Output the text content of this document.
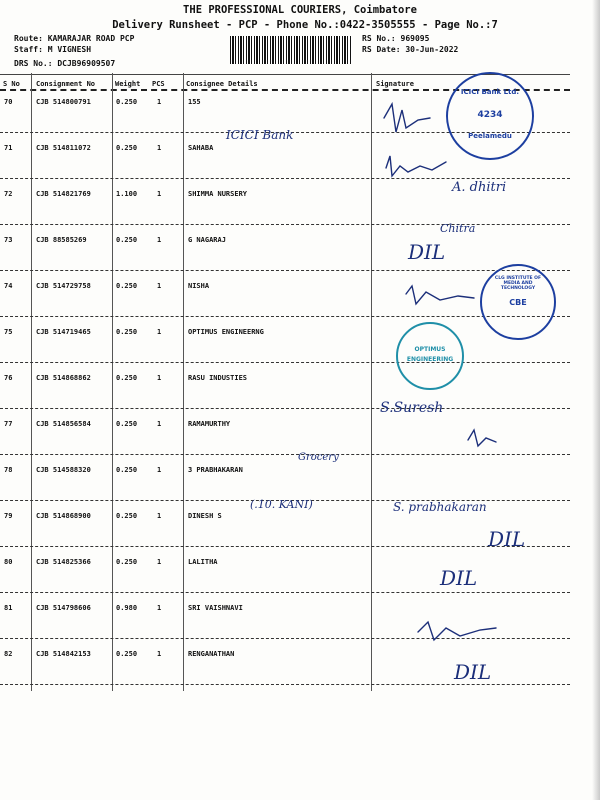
THE PROFESSIONAL COURIERS, Coimbatore
Delivery Runsheet - PCP - Phone No.:0422-3505555 - Page No.:7
Route: KAMARAJAR ROAD PCP
Staff: M VIGNESH
DRS No.: DCJB96909507
RS No.: 969095
RS Date: 30-Jun-2022
S No Consignment No	Weight PCS	Consignee Details	Signature
70	CJB 514800791	0.250	1	155
71	CJB 514811072	0.250	1	SAHABA
72	CJB 514821769	1.100	1	SHIMMA NURSERY
73	CJB 88585269	0.250	1	G NAGARAJ
74	CJB 514729758	0.250	1	NISHA
75	CJB 514719465	0.250	1	OPTIMUS ENGINEERNG
76	CJB 514868862	0.250	1	RASU INDUSTIES
77	CJB 514856584	0.250	1	RAMAMURTHY
78	CJB 514588320	0.250	1	3 PRABHAKARAN
79	CJB 514868900	0.250	1	DINESH S
80	CJB 514825366	0.250	1	LALITHA
81	CJB 514798606	0.980	1	SRI VAISHNAVI
82	CJB 514842153	0.250	1	RENGANATHAN
ICICI Bank
A. dhitri
Chitra
DIL
S.Suresh
Grocery
(.10. KANI)	S. prabhakaran
DIL
DIL
DIL
ICICI Bank Ltd.
4234
Peelamedu
CLG INSTITUTE OF MEDIA AND TECHNOLOGY
CBE
OPTIMUS
ENGINEERING
